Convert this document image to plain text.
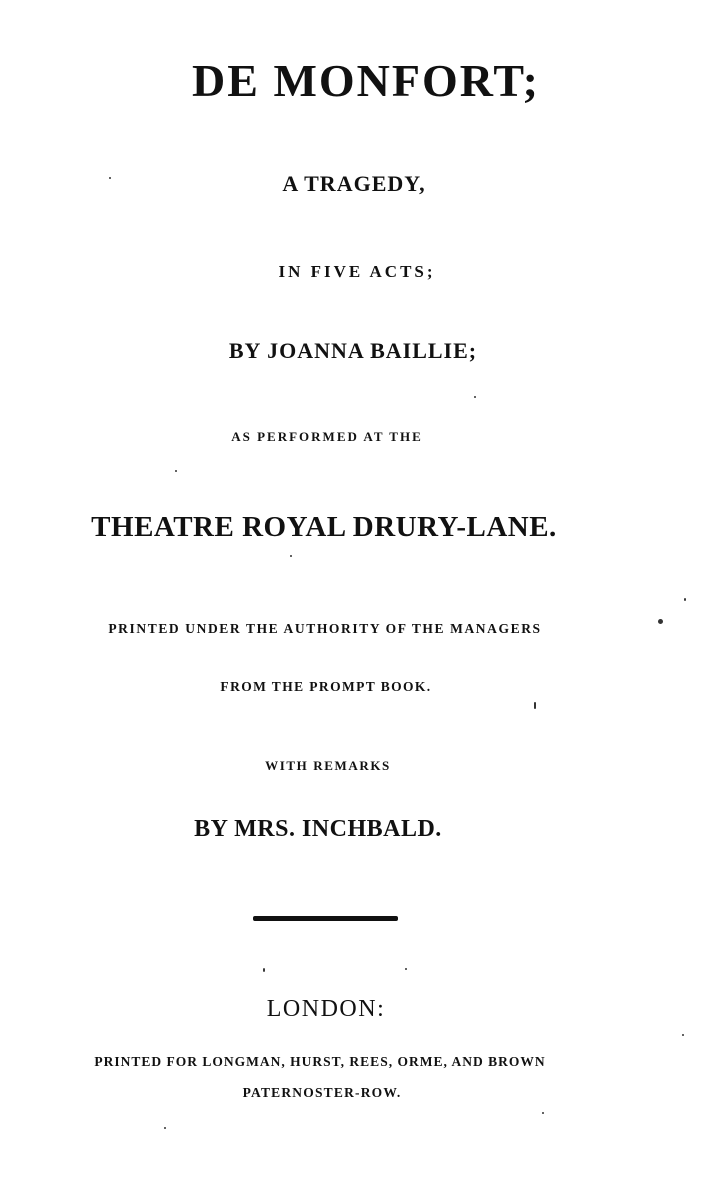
DE MONFORT;
A TRAGEDY,
IN FIVE ACTS;
BY JOANNA BAILLIE;
AS PERFORMED AT THE
THEATRE ROYAL DRURY-LANE.
PRINTED UNDER THE AUTHORITY OF THE MANAGERS
FROM THE PROMPT BOOK.
WITH REMARKS
BY MRS. INCHBALD.
LONDON:
PRINTED FOR LONGMAN, HURST, REES, ORME, AND BROWN
PATERNOSTER-ROW.
